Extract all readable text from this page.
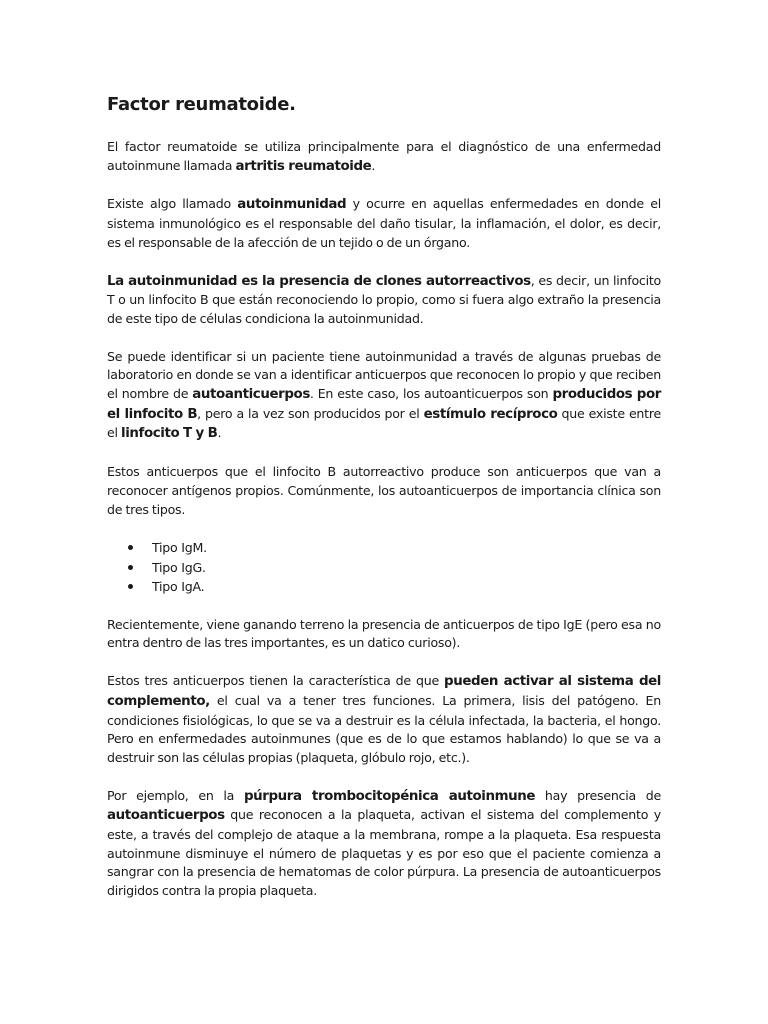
Factor reumatoide.

El factor reumatoide se utiliza principalmente para el diagnóstico de una enfermedad autoinmune llamada artritis reumatoide.

Existe algo llamado autoinmunidad y ocurre en aquellas enfermedades en donde el sistema inmunológico es el responsable del daño tisular, la inflamación, el dolor, es decir, es el responsable de la afección de un tejido o de un órgano.

La autoinmunidad es la presencia de clones autorreactivos, es decir, un linfocito T o un linfocito B que están reconociendo lo propio, como si fuera algo extraño la presencia de este tipo de células condiciona la autoinmunidad.

Se puede identificar si un paciente tiene autoinmunidad a través de algunas pruebas de laboratorio en donde se van a identificar anticuerpos que reconocen lo propio y que reciben el nombre de autoanticuerpos. En este caso, los autoanticuerpos son producidos por el linfocito B, pero a la vez son producidos por el estímulo recíproco que existe entre el linfocito T y B.

Estos anticuerpos que el linfocito B autorreactivo produce son anticuerpos que van a reconocer antígenos propios. Comúnmente, los autoanticuerpos de importancia clínica son de tres tipos.

Tipo IgM.
Tipo IgG.
Tipo IgA.

Recientemente, viene ganando terreno la presencia de anticuerpos de tipo IgE (pero esa no entra dentro de las tres importantes, es un datico curioso).

Estos tres anticuerpos tienen la característica de que pueden activar al sistema del complemento, el cual va a tener tres funciones. La primera, lisis del patógeno. En condiciones fisiológicas, lo que se va a destruir es la célula infectada, la bacteria, el hongo. Pero en enfermedades autoinmunes (que es de lo que estamos hablando) lo que se va a destruir son las células propias (plaqueta, glóbulo rojo, etc.).

Por ejemplo, en la púrpura trombocitopénica autoinmune hay presencia de autoanticuerpos que reconocen a la plaqueta, activan el sistema del complemento y este, a través del complejo de ataque a la membrana, rompe a la plaqueta. Esa respuesta autoinmune disminuye el número de plaquetas y es por eso que el paciente comienza a sangrar con la presencia de hematomas de color púrpura. La presencia de autoanticuerpos dirigidos contra la propia plaqueta.
